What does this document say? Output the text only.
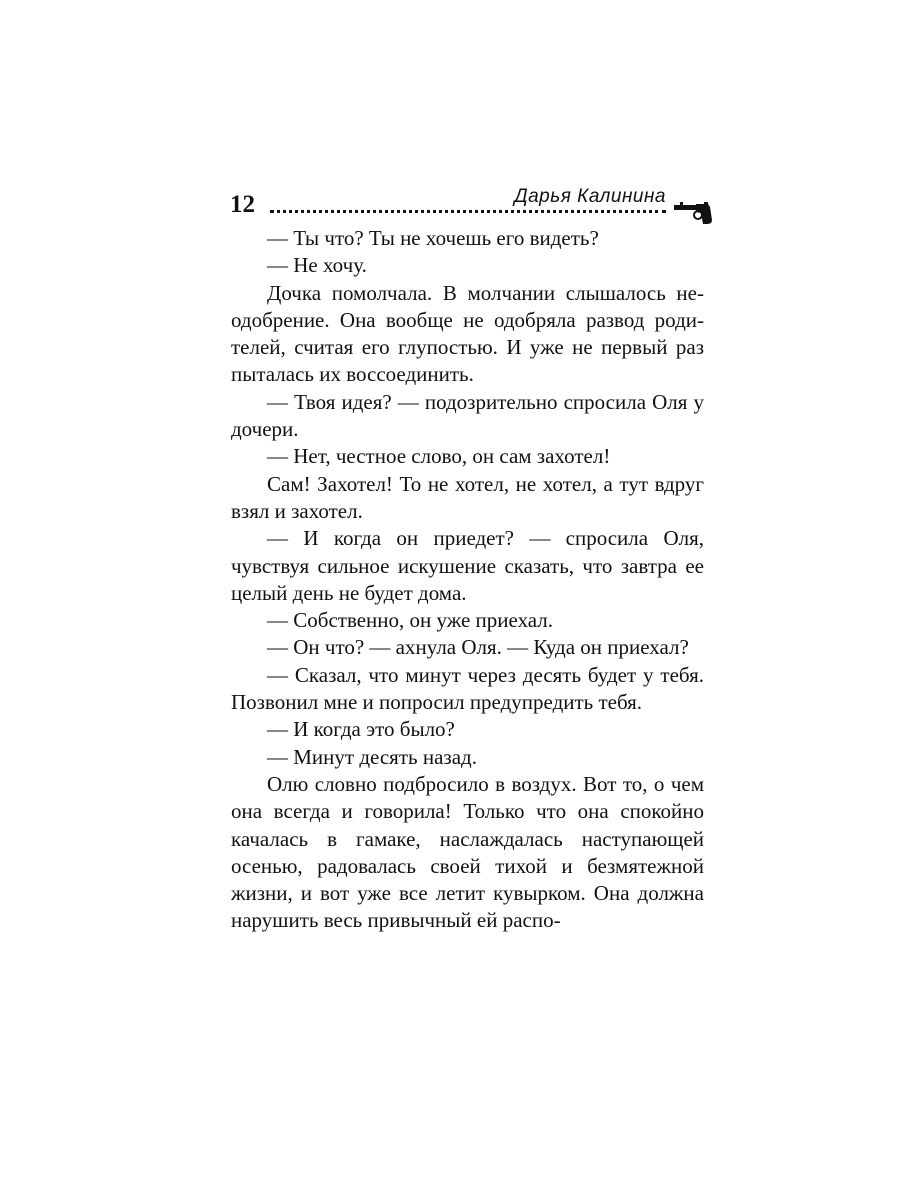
12	Дарья Калинина

— Ты что? Ты не хочешь его видеть?

— Не хочу.

Дочка помолчала. В молчании слышалось неодобрение. Она вообще не одобряла развод родителей, считая его глупостью. И уже не первый раз пыталась их воссоединить.

— Твоя идея? — подозрительно спросила Оля у дочери.

— Нет, честное слово, он сам захотел!

Сам! Захотел! То не хотел, не хотел, а тут вдруг взял и захотел.

— И когда он приедет? — спросила Оля, чувствуя сильное искушение сказать, что завтра ее целый день не будет дома.

— Собственно, он уже приехал.

— Он что? — ахнула Оля. — Куда он приехал?

— Сказал, что минут через десять будет у тебя. Позвонил мне и попросил предупредить тебя.

— И когда это было?

— Минут десять назад.

Олю словно подбросило в воздух. Вот то, о чем она всегда и говорила! Только что она спокойно качалась в гамаке, наслаждалась наступающей осенью, радовалась своей тихой и безмятежной жизни, и вот уже все летит кувырком. Она должна нарушить весь привычный ей распо-
